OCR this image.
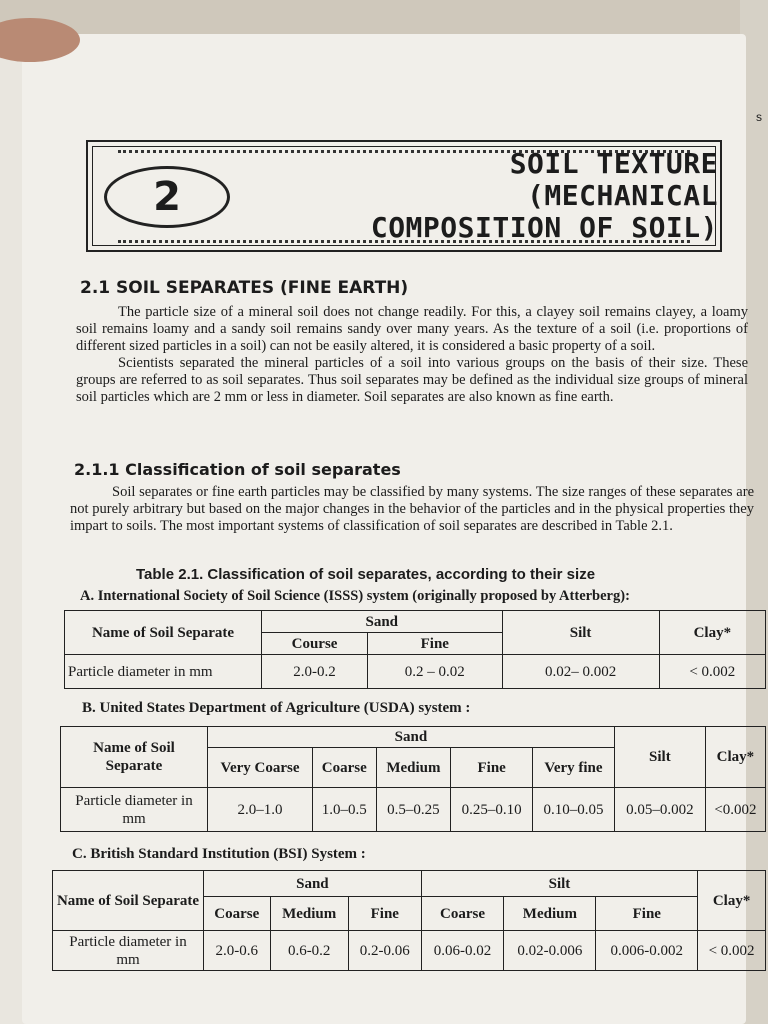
s
2
SOIL TEXTURE
(MECHANICAL
COMPOSITION OF SOIL)
2.1 SOIL SEPARATES (FINE EARTH)

The particle size of a mineral soil does not change readily. For this, a clayey soil remains clayey, a loamy soil remains loamy and a sandy soil remains sandy over many years. As the texture of a soil (i.e. proportions of different sized particles in a soil) can not be easily altered, it is considered a basic property of a soil.

Scientists separated the mineral particles of a soil into various groups on the basis of their size. These groups are referred to as soil separates. Thus soil separates may be defined as the individual size groups of mineral soil particles which are 2 mm or less in diameter. Soil separates are also known as fine earth.

2.1.1 Classification of soil separates

Soil separates or fine earth particles may be classified by many systems. The size ranges of these separates are not purely arbitrary but based on the major changes in the behavior of the particles and in the physical properties they impart to soils. The most important systems of classification of soil separates are described in Table 2.1.

Table 2.1. Classification of soil separates, according to their size
A. International Society of Soil Science (ISSS) system (originally proposed by Atterberg):
Name of Soil Separate	Sand		Silt	Clay*
	Course	Fine		
Particle diameter in mm	2.0-0.2	0.2 – 0.02	0.02– 0.002	< 0.002
B. United States Department of Agriculture (USDA) system :
Name of Soil Separate	Sand					Silt	Clay*
	Very Coarse	Coarse	Medium	Fine	Very fine		
Particle diameter in mm	2.0–1.0	1.0–0.5	0.5–0.25	0.25–0.10	0.10–0.05	0.05–0.002	<0.002
C. British Standard Institution (BSI) System :
Name of Soil Separate	Sand			Silt			Clay*
	Coarse	Medium	Fine	Coarse	Medium	Fine	
Particle diameter in mm	2.0-0.6	0.6-0.2	0.2-0.06	0.06-0.02	0.02-0.006	0.006-0.002	< 0.002
